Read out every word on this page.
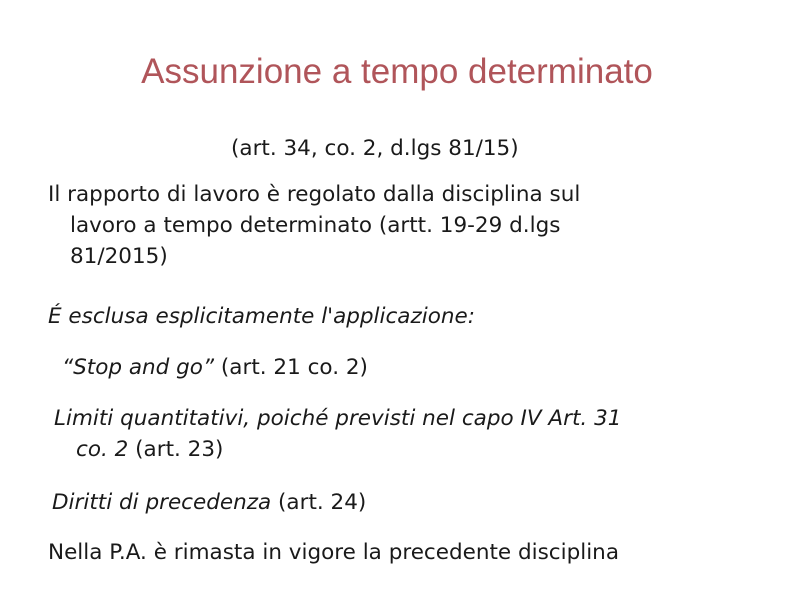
Assunzione a tempo determinato
(art. 34, co. 2, d.lgs 81/15)
Il rapporto di lavoro è regolato dalla disciplina sul
lavoro a tempo determinato (artt. 19-29 d.lgs
81/2015)
É esclusa esplicitamente l'applicazione:
“Stop and go” (art. 21 co. 2)
Limiti quantitativi, poiché previsti nel capo IV Art. 31
co. 2 (art. 23)
Diritti di precedenza (art. 24)
Nella P.A. è rimasta in vigore la precedente disciplina
